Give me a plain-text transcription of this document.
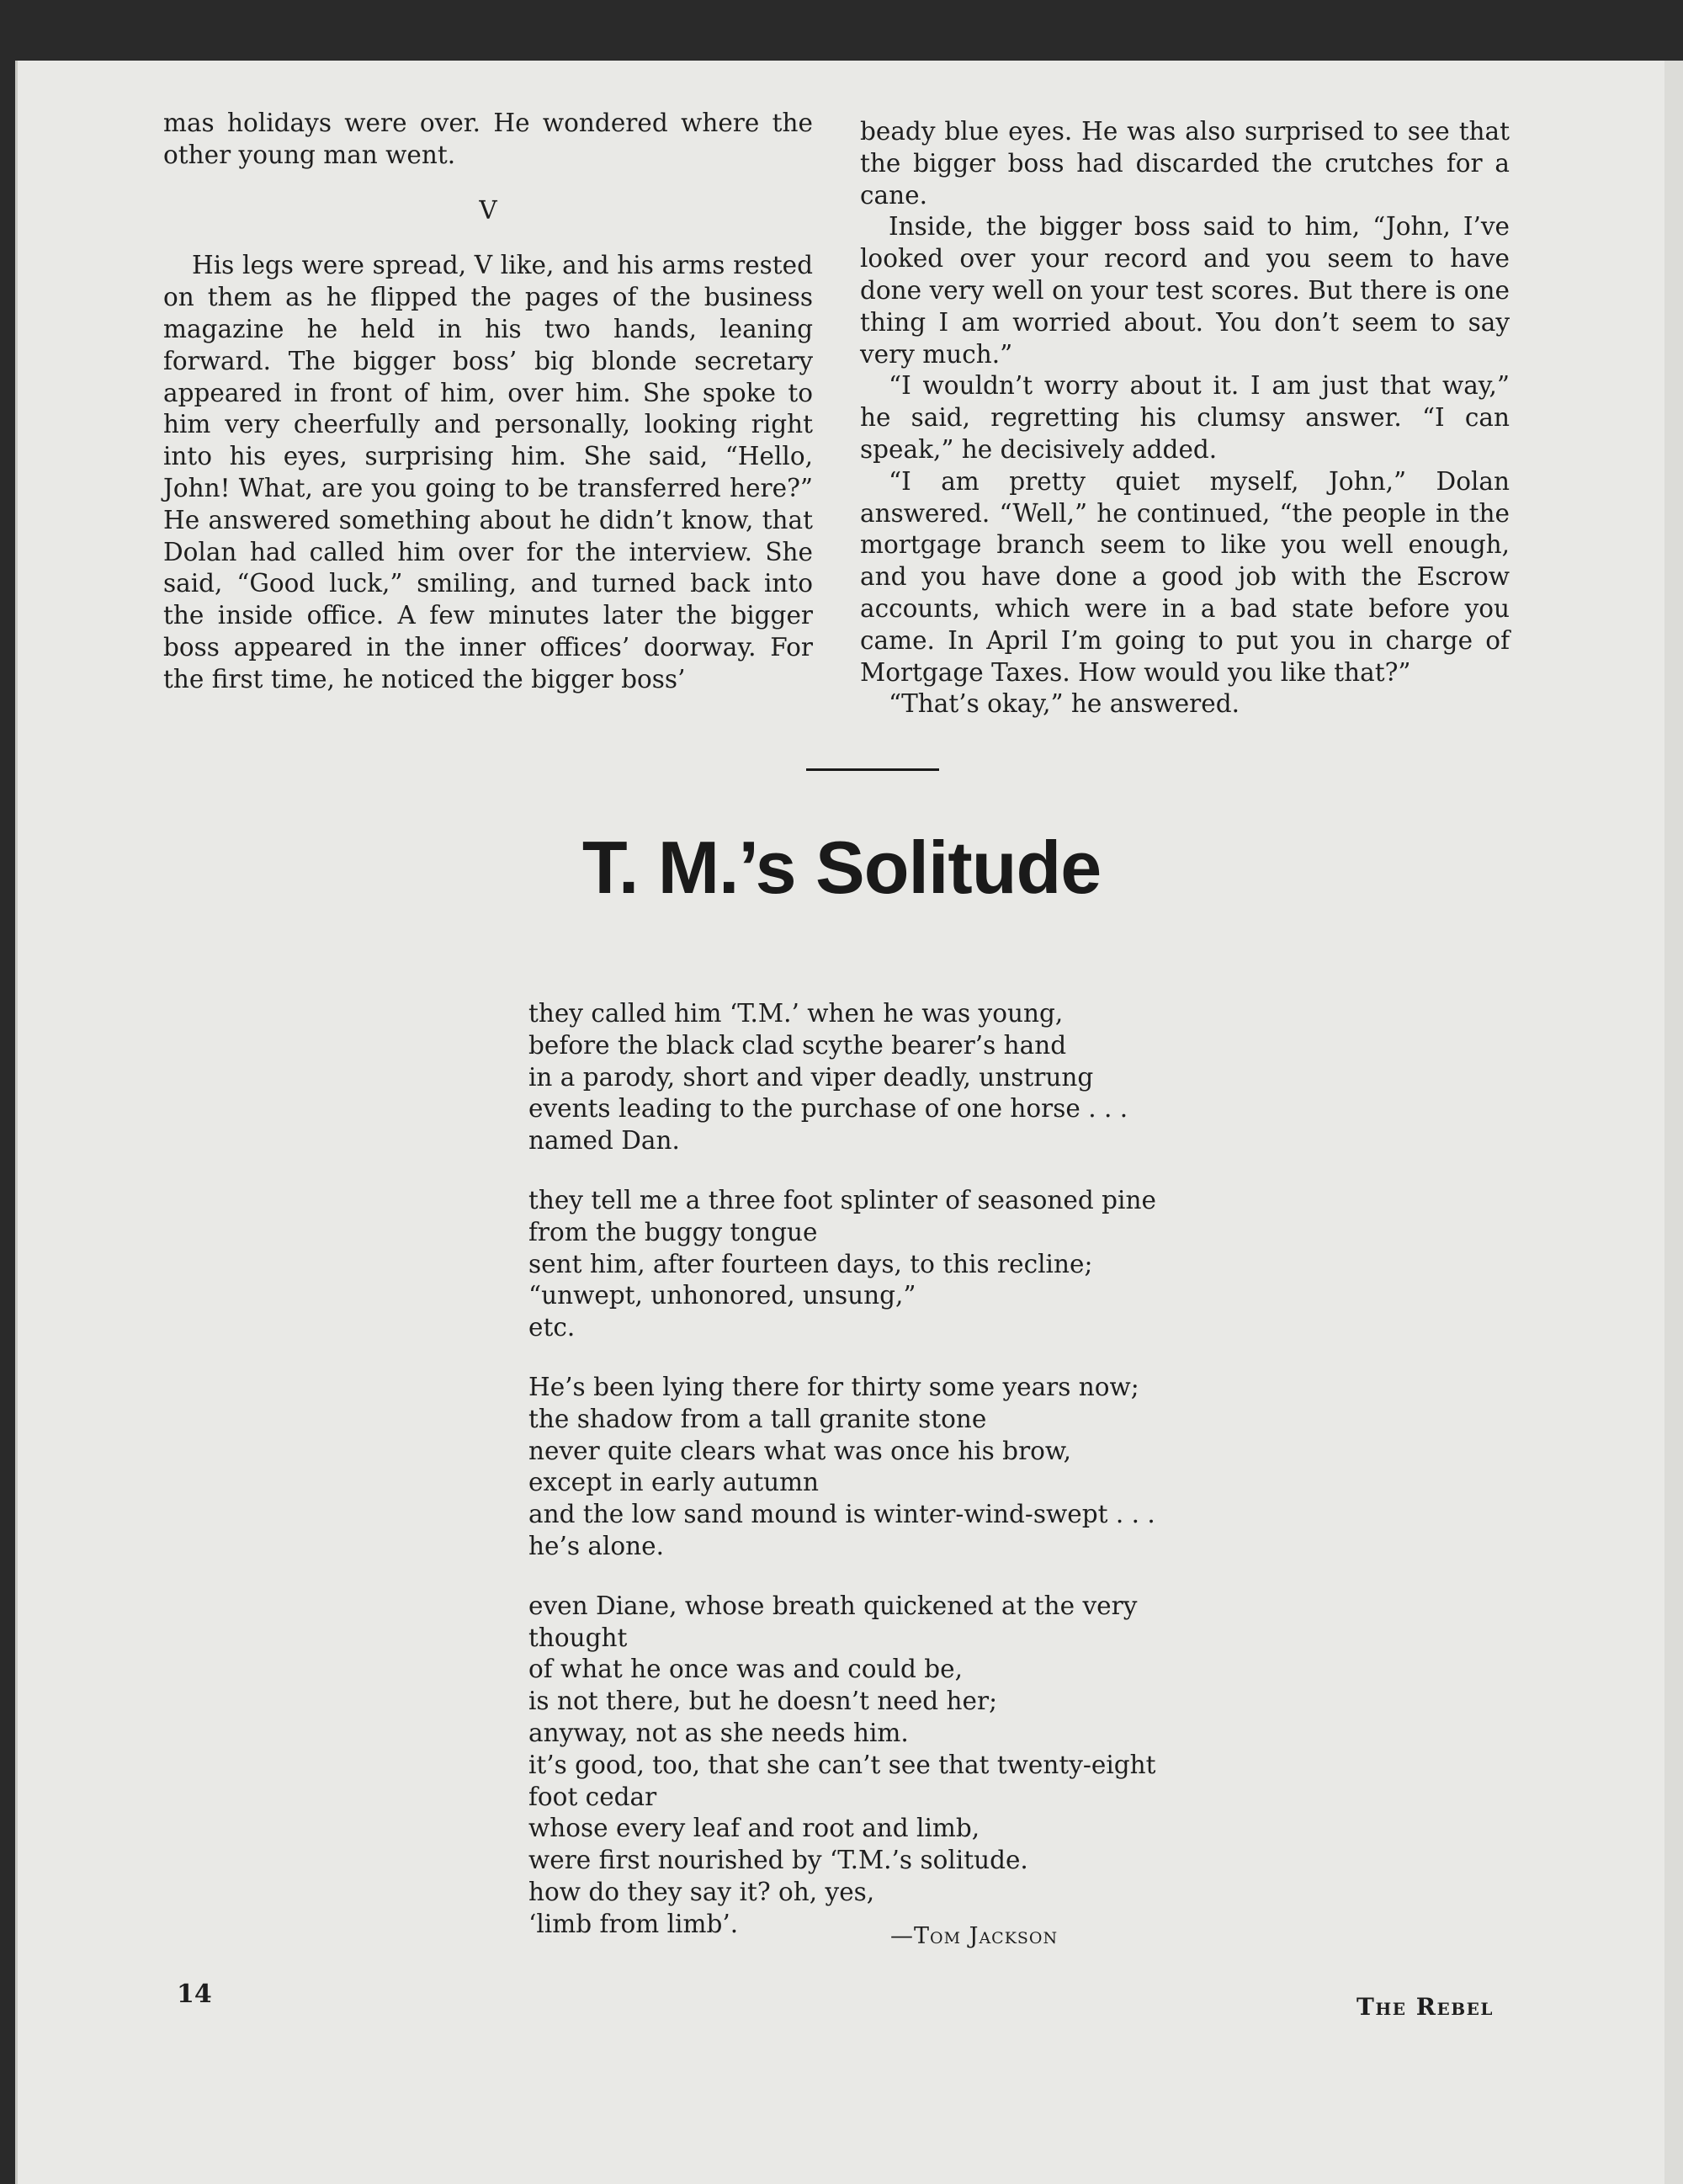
mas holidays were over. He wondered where the other young man went.

V

His legs were spread, V like, and his arms rested on them as he flipped the pages of the business magazine he held in his two hands, leaning forward. The bigger boss’ big blonde secretary appeared in front of him, over him. She spoke to him very cheerfully and personally, looking right into his eyes, surprising him. She said, “Hello, John! What, are you going to be transferred here?” He answered something about he didn’t know, that Dolan had called him over for the interview. She said, “Good luck,” smiling, and turned back into the inside office. A few minutes later the bigger boss appeared in the inner offices’ doorway. For the first time, he noticed the bigger boss’

beady blue eyes. He was also surprised to see that the bigger boss had discarded the crutches for a cane.

Inside, the bigger boss said to him, “John, I’ve looked over your record and you seem to have done very well on your test scores. But there is one thing I am worried about. You don’t seem to say very much.”

“I wouldn’t worry about it. I am just that way,” he said, regretting his clumsy answer. “I can speak,” he decisively added.

“I am pretty quiet myself, John,” Dolan answered. “Well,” he continued, “the people in the mortgage branch seem to like you well enough, and you have done a good job with the Escrow accounts, which were in a bad state before you came. In April I’m going to put you in charge of Mortgage Taxes. How would you like that?”

“That’s okay,” he answered.

T. M.’s Solitude

they called him ‘T.M.’ when he was young,

before the black clad scythe bearer’s hand

in a parody, short and viper deadly, unstrung

events leading to the purchase of one horse . . .

named Dan.

they tell me a three foot splinter of seasoned pine

from the buggy tongue

sent him, after fourteen days, to this recline;

“unwept, unhonored, unsung,”

etc.

He’s been lying there for thirty some years now;

the shadow from a tall granite stone

never quite clears what was once his brow,

except in early autumn

and the low sand mound is winter-wind-swept . . .

he’s alone.

even Diane, whose breath quickened at the very

thought

of what he once was and could be,

is not there, but he doesn’t need her;

anyway, not as she needs him.

it’s good, too, that she can’t see that twenty-eight

foot cedar

whose every leaf and root and limb,

were first nourished by ‘T.M.’s solitude.

how do they say it? oh, yes,

‘limb from limb’.	—Tom Jackson
14	The Rebel
